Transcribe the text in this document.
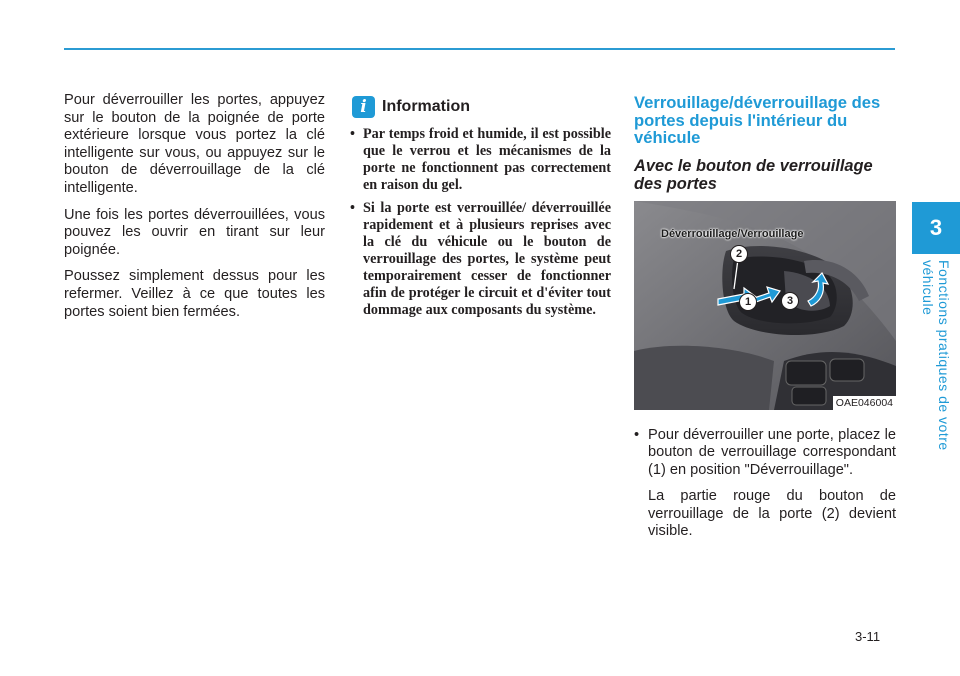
3
Fonctions pratiques de votre véhicule

Pour déverrouiller les portes, appuyez sur le bouton de la poignée de porte extérieure lorsque vous portez la clé intelligente sur vous, ou appuyez sur le bouton de déverrouillage de la clé intelligente.

Une fois les portes déverrouillées, vous pouvez les ouvrir en tirant sur leur poignée.

Poussez simplement dessus pour les refermer. Veillez à ce que toutes les portes soient bien fermées.

i Information
• Par temps froid et humide, il est possible que le verrou et les mécanismes de la porte ne fonctionnent pas correctement en raison du gel.
• Si la porte est verrouillée/ déverrouillée rapidement et à plusieurs reprises avec la clé du véhicule ou le bouton de verrouillage des portes, le système peut temporairement cesser de fonctionner afin de protéger le circuit et d'éviter tout dommage aux composants du système.
Verrouillage/déverrouillage des portes depuis l'intérieur du véhicule
Avec le bouton de verrouillage des portes
Déverrouillage/Verrouillage
1
2
3
OAE046004

• Pour déverrouiller une porte, placez le bouton de verrouillage correspondant (1) en position "Déverrouillage".

La partie rouge du bouton de verrouillage de la porte (2) devient visible.

3-11
